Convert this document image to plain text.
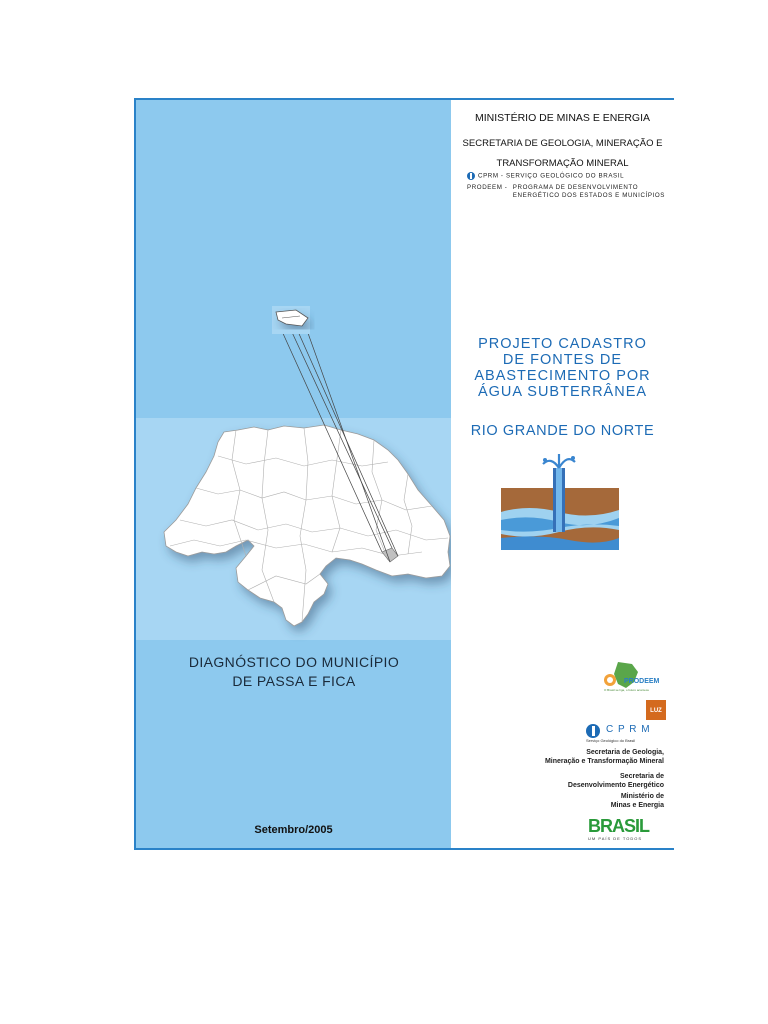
DIAGNÓSTICO DO MUNICÍPIO
DE PASSA E FICA
Setembro/2005
MINISTÉRIO DE MINAS E ENERGIA
SECRETARIA DE GEOLOGIA, MINERAÇÃO E
TRANSFORMAÇÃO MINERAL
CPRM - SERVIÇO GEOLÓGICO DO BRASIL
PRODEEM - PROGRAMA DE DESENVOLVIMENTO
ENERGÉTICO DOS ESTADOS E MUNICÍPIOS
PROJETO CADASTRO
DE FONTES DE
ABASTECIMENTO POR
ÁGUA SUBTERRÂNEA
RIO GRANDE DO NORTE
PRODEEM
O Brasil se liga, o futuro acontece
LUZ
C P R M
Serviço Geológico do Brasil
Secretaria de Geologia,
Mineração e Transformação Mineral
Secretaria de
Desenvolvimento Energético
Ministério de
Minas e Energia
BRASIL
UM PAÍS DE TODOS
